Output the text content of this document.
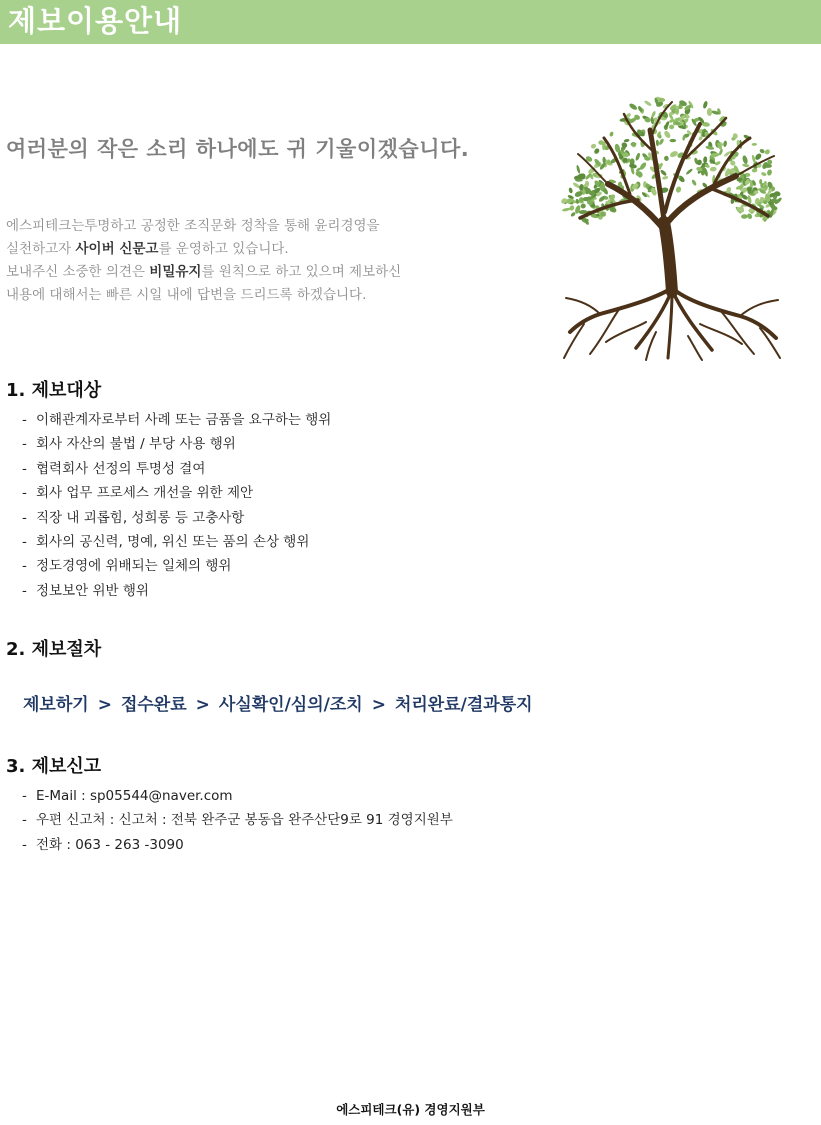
제보이용안내
여러분의 작은 소리 하나에도 귀 기울이겠습니다.
에스피테크는투명하고 공정한 조직문화 정착을 통해 윤리경영을
실천하고자 사이버 신문고를 운영하고 있습니다.
보내주신 소중한 의견은 비밀유지를 원칙으로 하고 있으며 제보하신
내용에 대해서는 빠른 시일 내에 답변을 드리드록 하겠습니다.
1. 제보대상
- 이해관계자로부터 사례 또는 금품을 요구하는 행위
- 회사 자산의 불법 / 부당 사용 행위
- 협력회사 선정의 투명성 결여
- 회사 업무 프로세스 개선을 위한 제안
- 직장 내 괴롭힘, 성희롱 등 고충사항
- 회사의 공신력, 명예, 위신 또는 품의 손상 행위
- 정도경영에 위배되는 일체의 행위
- 정보보안 위반 행위
2. 제보절차
제보하기 > 접수완료 > 사실확인/심의/조치 > 처리완료/결과통지
3. 제보신고
- E-Mail : sp05544@naver.com
- 우편 신고처 : 신고처 : 전북 완주군 봉동읍 완주산단9로 91 경영지원부
- 전화 : 063 - 263 -3090
에스피테크(유) 경영지원부
